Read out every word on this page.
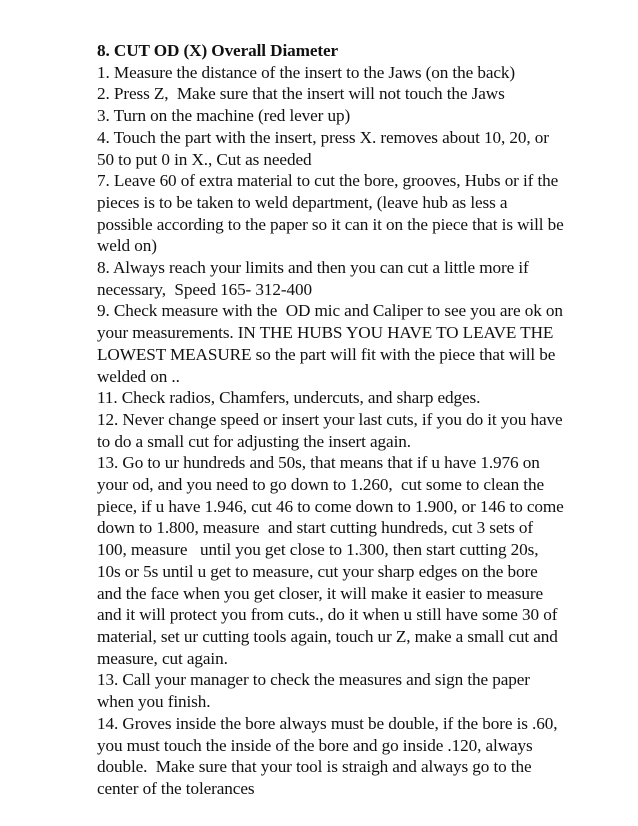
8. CUT OD (X) Overall Diameter

1. Measure the distance of the insert to the Jaws (on the back)

2. Press Z,  Make sure that the insert will not touch the Jaws

3. Turn on the machine (red lever up)

4. Touch the part with the insert, press X. removes about 10, 20, or

50 to put 0 in X., Cut as needed

7. Leave 60 of extra material to cut the bore, grooves, Hubs or if the

pieces is to be taken to weld department, (leave hub as less a

possible according to the paper so it can it on the piece that is will be

weld on)

8. Always reach your limits and then you can cut a little more if

necessary,  Speed 165- 312-400

9. Check measure with the  OD mic and Caliper to see you are ok on

your measurements. IN THE HUBS YOU HAVE TO LEAVE THE

LOWEST MEASURE so the part will fit with the piece that will be

welded on ..

11. Check radios, Chamfers, undercuts, and sharp edges.

12. Never change speed or insert your last cuts, if you do it you have

to do a small cut for adjusting the insert again.

13. Go to ur hundreds and 50s, that means that if u have 1.976 on

your od, and you need to go down to 1.260,  cut some to clean the

piece, if u have 1.946, cut 46 to come down to 1.900, or 146 to come

down to 1.800, measure  and start cutting hundreds, cut 3 sets of

100, measure   until you get close to 1.300, then start cutting 20s,

10s or 5s until u get to measure, cut your sharp edges on the bore

and the face when you get closer, it will make it easier to measure

and it will protect you from cuts., do it when u still have some 30 of

material, set ur cutting tools again, touch ur Z, make a small cut and

measure, cut again.

13. Call your manager to check the measures and sign the paper

when you finish.

14. Groves inside the bore always must be double, if the bore is .60,

you must touch the inside of the bore and go inside .120, always

double.  Make sure that your tool is straigh and always go to the

center of the tolerances
